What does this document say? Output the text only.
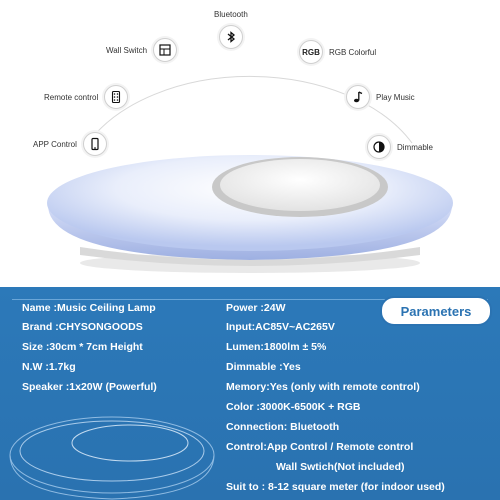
Bluetooth
Wall Switch	RGB RGB Colorful
Remote control	Play Music
APP Control	Dimmable
Parameters
Name :Music Ceiling Lamp
Brand :CHYSONGOODS
Size :30cm * 7cm Height
N.W :1.7kg
Speaker :1x20W (Powerful)
Power :24W
Input:AC85V~AC265V
Lumen:1800lm ± 5%
Dimmable :Yes
Memory:Yes (only with remote control)
Color :3000K-6500K + RGB
Connection: Bluetooth
Control:App Control / Remote control
Wall Swtich(Not included)
Suit to : 8-12 square meter (for indoor used)
